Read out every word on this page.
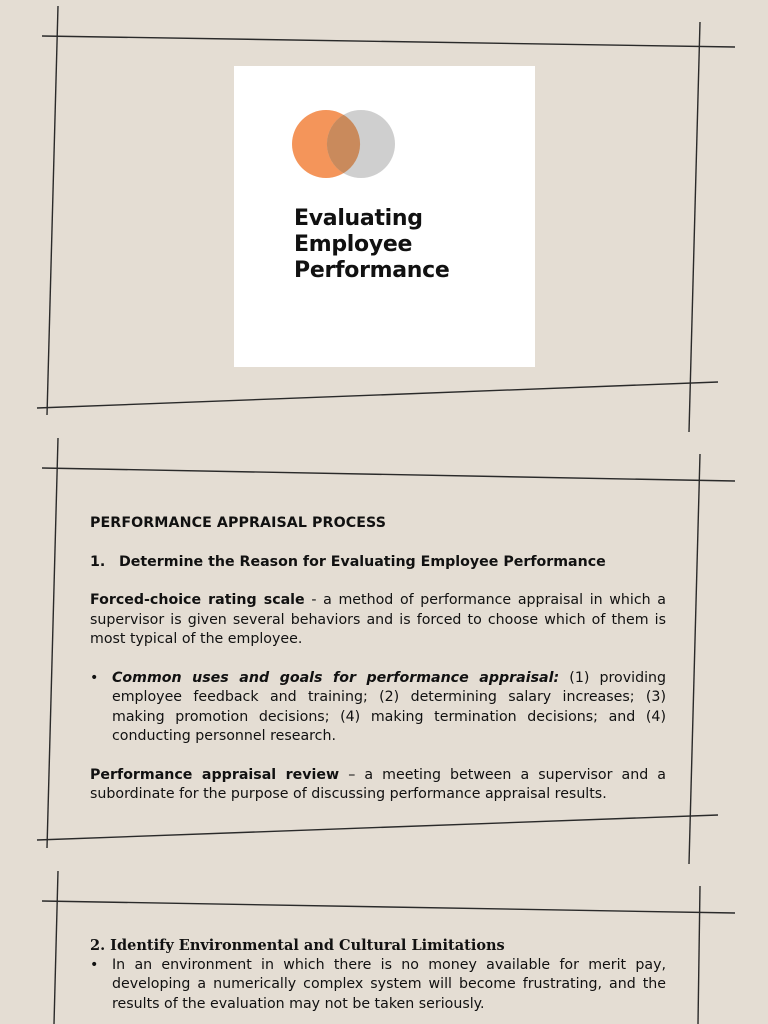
Evaluating
Employee
Performance
PERFORMANCE APPRAISAL PROCESS
1. Determine the Reason for Evaluating Employee Performance

Forced-choice rating scale - a method of performance appraisal in which a supervisor is given several behaviors and is forced to choose which of them is most typical of the employee.

• Common uses and goals for performance appraisal: (1) providing employee feedback and training; (2) determining salary increases; (3) making promotion decisions; (4) making termination decisions; and (4) conducting personnel research.

Performance appraisal review – a meeting between a supervisor and a subordinate for the purpose of discussing performance appraisal results.

2. Identify Environmental and Cultural Limitations
• In an environment in which there is no money available for merit pay, developing a numerically complex system will become frustrating, and the results of the evaluation may not be taken seriously.
